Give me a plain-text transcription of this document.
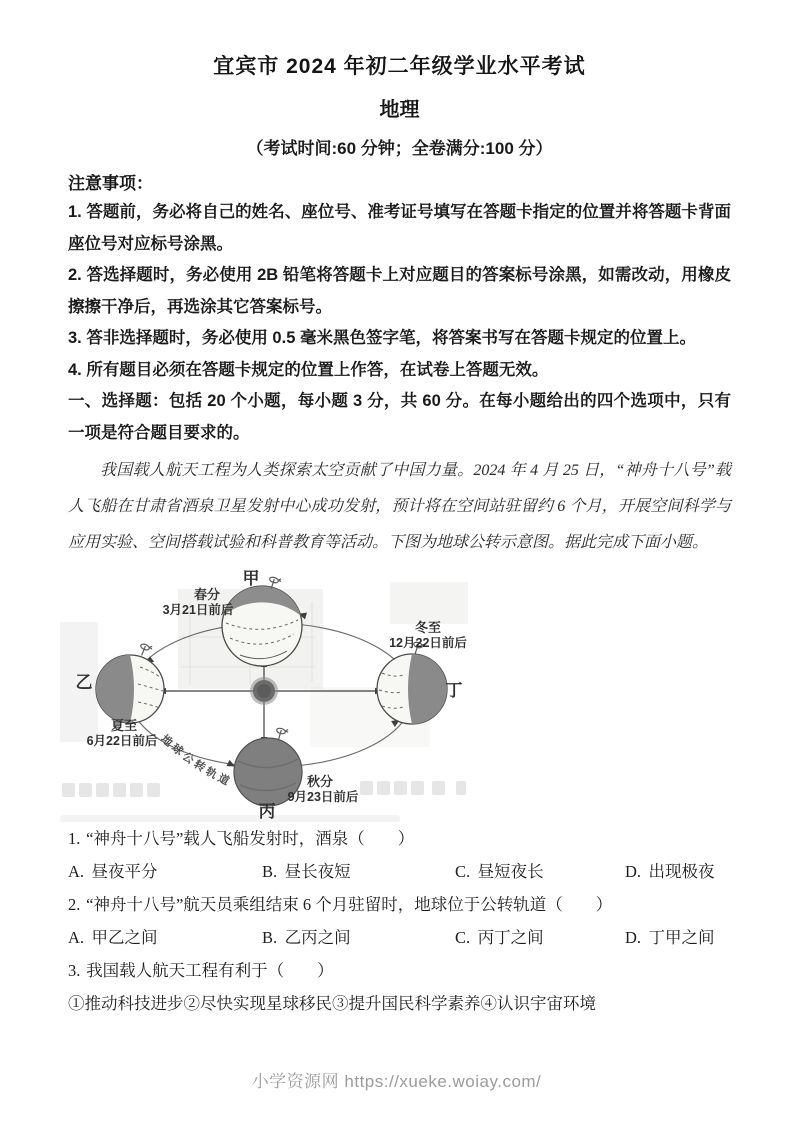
宜宾市 2024 年初二年级学业水平考试
地理
（考试时间:60 分钟；全卷满分:100 分）
注意事项：

1. 答题前，务必将自己的姓名、座位号、准考证号填写在答题卡指定的位置并将答题卡背面座位号对应标号涂黑。

2. 答选择题时，务必使用 2B 铅笔将答题卡上对应题目的答案标号涂黑，如需改动，用橡皮擦擦干净后，再选涂其它答案标号。

3. 答非选择题时，务必使用 0.5 毫米黑色签字笔，将答案书写在答题卡规定的位置上。

4. 所有题目必须在答题卡规定的位置上作答，在试卷上答题无效。

一、选择题：包括 20 个小题，每小题 3 分，共 60 分。在每小题给出的四个选项中，只有一项是符合题目要求的。

我国载人航天工程为人类探索太空贡献了中国力量。2024 年 4 月 25 日，“神舟十八号”载人飞船在甘肃省酒泉卫星发射中心成功发射，预计将在空间站驻留约 6 个月，开展空间科学与应用实验、空间搭载试验和科普教育等活动。下图为地球公转示意图。据此完成下面小题。

甲
乙
丙
丁
春分
3月21日前后
夏至
6月22日前后
秋分
9月23日前后
冬至
12月22日前后
地球公转轨道

1. “神舟十八号”载人飞船发射时，酒泉（　　）

A. 昼夜平分	B. 昼长夜短	C. 昼短夜长	D. 出现极夜

2. “神舟十八号”航天员乘组结束 6 个月驻留时，地球位于公转轨道（　　）

A. 甲乙之间	B. 乙丙之间	C. 丙丁之间	D. 丁甲之间

3. 我国载人航天工程有利于（　　）

①推动科技进步②尽快实现星球移民③提升国民科学素养④认识宇宙环境

小学资源网 https://xueke.woiay.com/
